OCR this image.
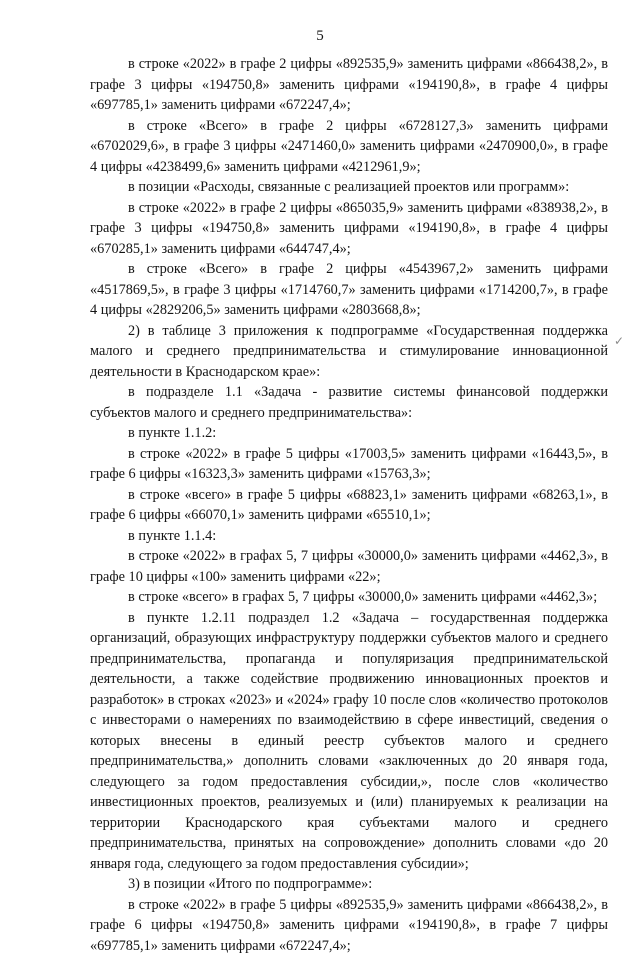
5

в строке «2022» в графе 2 цифры «892535,9» заменить цифрами «866438,2», в графе 3 цифры «194750,8» заменить цифрами «194190,8», в графе 4 цифры «697785,1» заменить цифрами «672247,4»;

в строке «Всего» в графе 2 цифры «6728127,3» заменить цифрами «6702029,6», в графе 3 цифры «2471460,0» заменить цифрами «2470900,0», в графе 4 цифры «4238499,6» заменить цифрами «4212961,9»;

в позиции «Расходы, связанные с реализацией проектов или программ»:

в строке «2022» в графе 2 цифры «865035,9» заменить цифрами «838938,2», в графе 3 цифры «194750,8» заменить цифрами «194190,8», в графе 4 цифры «670285,1» заменить цифрами «644747,4»;

в строке «Всего» в графе 2 цифры «4543967,2» заменить цифрами «4517869,5», в графе 3 цифры «1714760,7» заменить цифрами «1714200,7», в графе 4 цифры «2829206,5» заменить цифрами «2803668,8»;

2) в таблице 3 приложения к подпрограмме «Государственная поддержка малого и среднего предпринимательства и стимулирование инновационной деятельности в Краснодарском крае»:

в подразделе 1.1 «Задача - развитие системы финансовой поддержки субъектов малого и среднего предпринимательства»:

в пункте 1.1.2:

в строке «2022» в графе 5 цифры «17003,5» заменить цифрами «16443,5», в графе 6 цифры «16323,3» заменить цифрами «15763,3»;

в строке «всего» в графе 5 цифры «68823,1» заменить цифрами «68263,1», в графе 6 цифры «66070,1» заменить цифрами «65510,1»;

в пункте 1.1.4:

в строке «2022» в графах 5, 7 цифры «30000,0» заменить цифрами «4462,3», в графе 10 цифры «100» заменить цифрами «22»;

в строке «всего» в графах 5, 7 цифры «30000,0» заменить цифрами «4462,3»;

в пункте 1.2.11 подраздел 1.2 «Задача – государственная поддержка организаций, образующих инфраструктуру поддержки субъектов малого и среднего предпринимательства, пропаганда и популяризация предпринимательской деятельности, а также содействие продвижению инновационных проектов и разработок» в строках «2023» и «2024» графу 10 после слов «количество протоколов с инвесторами о намерениях по взаимодействию в сфере инвестиций, сведения о которых внесены в единый реестр субъектов малого и среднего предпринимательства,» дополнить словами «заключенных до 20 января года, следующего за годом предоставления субсидии,», после слов «количество инвестиционных проектов, реализуемых и (или) планируемых к реализации на территории Краснодарского края субъектами малого и среднего предпринимательства, принятых на сопровождение» дополнить словами «до 20 января года, следующего за годом предоставления субсидии»;

3) в позиции «Итого по подпрограмме»:

в строке «2022» в графе 5 цифры «892535,9» заменить цифрами «866438,2», в графе 6 цифры «194750,8» заменить цифрами «194190,8», в графе 7 цифры «697785,1» заменить цифрами «672247,4»;

✓
